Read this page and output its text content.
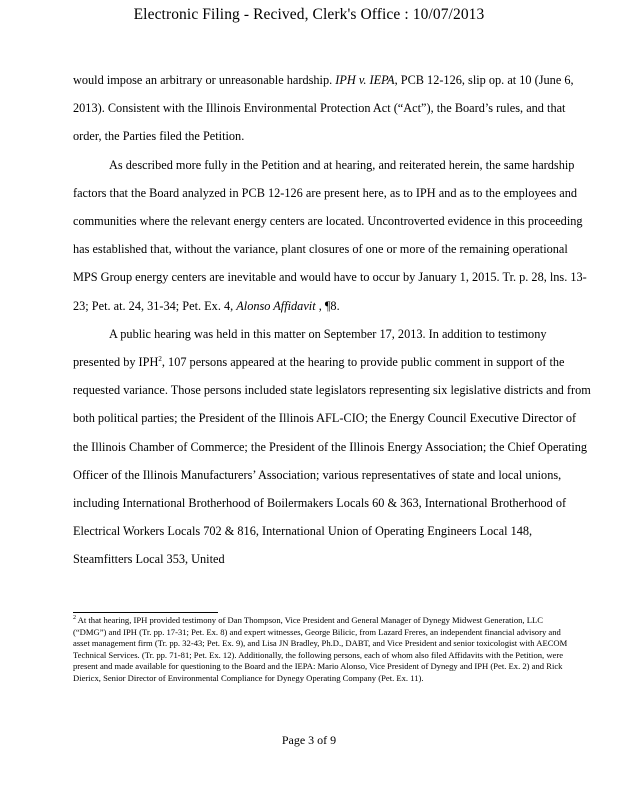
Electronic Filing - Recived, Clerk's Office : 10/07/2013

would impose an arbitrary or unreasonable hardship. IPH v. IEPA, PCB 12-126, slip op. at 10 (June 6, 2013). Consistent with the Illinois Environmental Protection Act (“Act”), the Board’s rules, and that order, the Parties filed the Petition.

As described more fully in the Petition and at hearing, and reiterated herein, the same hardship factors that the Board analyzed in PCB 12-126 are present here, as to IPH and as to the employees and communities where the relevant energy centers are located. Uncontroverted evidence in this proceeding has established that, without the variance, plant closures of one or more of the remaining operational MPS Group energy centers are inevitable and would have to occur by January 1, 2015. Tr. p. 28, lns. 13-23; Pet. at. 24, 31-34; Pet. Ex. 4, Alonso Affidavit , ¶8.

A public hearing was held in this matter on September 17, 2013. In addition to testimony presented by IPH$^2$, 107 persons appeared at the hearing to provide public comment in support of the requested variance. Those persons included state legislators representing six legislative districts and from both political parties; the President of the Illinois AFL-CIO; the Energy Council Executive Director of the Illinois Chamber of Commerce; the President of the Illinois Energy Association; the Chief Operating Officer of the Illinois Manufacturers’ Association; various representatives of state and local unions, including International Brotherhood of Boilermakers Locals 60 & 363, International Brotherhood of Electrical Workers Locals 702 & 816, International Union of Operating Engineers Local 148, Steamfitters Local 353, United

$^2$ At that hearing, IPH provided testimony of Dan Thompson, Vice President and General Manager of Dynegy Midwest Generation, LLC (“DMG”) and IPH (Tr. pp. 17-31; Pet. Ex. 8) and expert witnesses, George Bilicic, from Lazard Freres, an independent financial advisory and asset management firm (Tr. pp. 32-43; Pet. Ex. 9), and Lisa JN Bradley, Ph.D., DABT, and Vice President and senior toxicologist with AECOM Technical Services. (Tr. pp. 71-81; Pet. Ex. 12). Additionally, the following persons, each of whom also filed Affidavits with the Petition, were present and made available for questioning to the Board and the IEPA: Mario Alonso, Vice President of Dynegy and IPH (Pet. Ex. 2) and Rick Diericx, Senior Director of Environmental Compliance for Dynegy Operating Company (Pet. Ex. 11).
Page 3 of 9
